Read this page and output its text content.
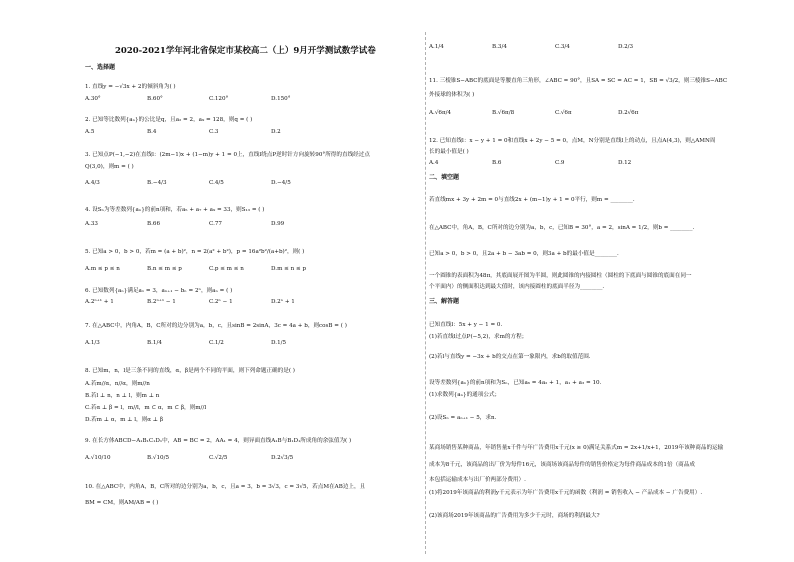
2020-2021学年河北省保定市某校高二（上）9月开学测试数学试卷
一、选择题
1. 直线y = −√3x + 2的倾斜角为( )
A.30°	B.60°	C.120°	D.150°
2. 已知等比数列{aₙ}的公比是q，且a₂ = 2，a₉ = 128，则q = ( )
A.5	B.4	C.3	D.2
3. 已知点P(−1,−2)在直线l：(2m−1)x + (1−m)y + 1 = 0上，直线l绕点P逆时针方向旋转90°所得的直线经过点
Q(3,0)，则m = ( )
A.4/3	B.−4/3	C.4/5	D.−4/5
4. 设Sₙ为等差数列{aₙ}的前n项和，若a₅ + a₇ + a₉ = 33，则S₁₃ = ( )
A.33	B.66	C.77	D.99
5. 已知a > 0，b > 0，若m = (a + b)²，n = 2(a² + b²)，p = 16a²b²/(a+b)²，则( )
A.m ≤ p ≤ n	B.n ≤ m ≤ p	C.p ≤ m ≤ n	D.m ≤ n ≤ p
6. 已知数列{aₙ}满足a₁ = 3，aₙ₊₁ − bₙ = 2ⁿ，则aₙ = ( )
A.2ⁿ⁺¹ + 1	B.2ⁿ⁺¹ − 1	C.2ⁿ − 1	D.2ⁿ + 1
7. 在△ABC中，内角A，B，C所对的边分别为a，b，c，且sinB = 2sinA，3c = 4a + b，则cosB = ( )
A.1/3	B.1/4	C.1/2	D.1/5
8. 已知m，n，l是三条不同的直线，α，β是两个不同的平面，则下列命题正确的是( )
A.若m//α，n//α，则m//n
B.若l ⊥ n，n ⊥ l，则m ⊥ n
C.若α ⊥ β = l，m//l，m ⊂ α，m ⊂ β，则m//l
D.若m ⊥ α，m ⊥ l，则α ⊥ β
9. 在长方体ABCD−A₁B₁C₁D₁中，AB = BC = 2，AA₁ = 4，则异面直线A₁B与B₁D₁所成角的余弦值为( )
A.√10/10	B.√10/5	C.√2/5	D.2√3/5
10. 在△ABC中，内角A，B，C所对的边分别为a，b，c，且a = 3，b = 3√3，c = 3√5，若点M在AB边上，且
BM = CM，则AM/AB = ( )
A.1/4	B.3/4	C.3/4	D.2/3
11. 三棱锥S−ABC的底面是等腰直角三角形，∠ABC = 90°，且SA = SC = AC = 1，SB = √3/2，则三棱锥S−ABC
外接球的体积为( )
A.√6π/4	B.√6π/8	C.√6π	D.2√6π
12. 已知直线l：x − y + 1 = 0和直线x + 2y − 5 = 0，点M，N分别是直线l上的动点，且点A(4,3)，则△AMN周
长的最小值是( )
A.4	B.6	C.9	D.12
二、填空题
若直线mx + 3y + 2m = 0与直线2x + (m−1)y + 1 = 0平行，则m = ________.
在△ABC中，角A，B，C所对的边分别为a，b，c，已知B = 30°，a = 2，sinA = 1/2，则b = ________.
已知a > 0，b > 0，且2a + b − 3ab = 0，则3a + b的最小值是________.
一个圆锥的表面积为48π，其底面展开图为半圆，则此圆锥的内接圆柱（圆柱的下底面与圆锥的底面在同一
个平面内）的侧面积达到最大值时，该内接圆柱的底面半径为________.
三、解答题
已知直线l：5x + y − 1 = 0.
(1)若直线l过点P(−5,2)，求m的方程；
(2)若l与直线y = −3x + b的交点在第一象限内，求b的取值范围.
设等差数列{aₙ}的前n项和为Sₙ，已知a₆ = 4a₂ + 1，a₁ + a₃ = 10.
(1)求数列{aₙ}的通项公式；
(2)设Sₙ = aₙ₊₁ − 5，求n.
某商场销售某种商品，年销售量x千件与年广告费用x千元(x ≥ 0)满足关系式m = 2x+1/x+1，2019年该种商品的运输
成本为8千元，该商品的出厂价为每件16元，该商场该商品每件的销售价格定为每件商品成本的1倍（商品成
本包括运输成本与出厂价两部分费用）.
(1)将2019年该商品的利润y千元表示为年广告费用x千元的函数（利润 = 销售收入 − 产品成本 − 广告费用）.
(2)该商场2019年该商品的广告费用为多少千元时，商场的利润最大?
